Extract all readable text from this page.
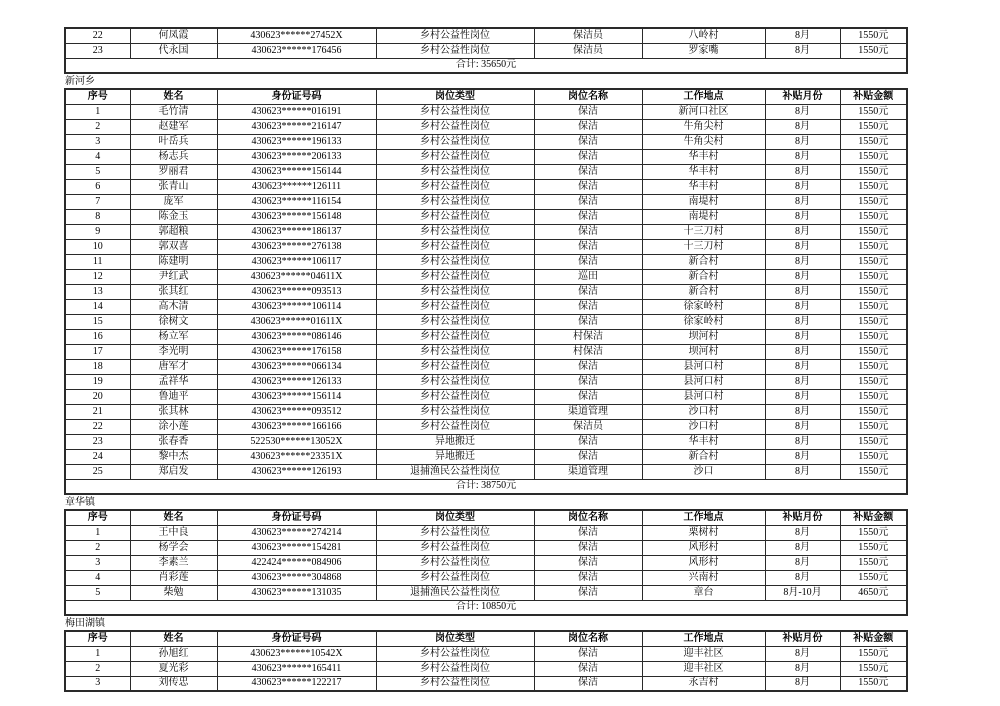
22	何凤霞	430623******27452X	乡村公益性岗位	保洁员	八岭村	8月	1550元
23	代永国	430623******176456	乡村公益性岗位	保洁员	罗家嘴	8月	1550元
合计: 35650元							
新河乡
序号	姓名	身份证号码	岗位类型	岗位名称	工作地点	补贴月份	补贴金额
1	毛竹清	430623******016191	乡村公益性岗位	保洁	新河口社区	8月	1550元
2	赵建军	430623******216147	乡村公益性岗位	保洁	牛角尖村	8月	1550元
3	叶岳兵	430623******196133	乡村公益性岗位	保洁	牛角尖村	8月	1550元
4	杨志兵	430623******206133	乡村公益性岗位	保洁	华丰村	8月	1550元
5	罗丽君	430623******156144	乡村公益性岗位	保洁	华丰村	8月	1550元
6	张青山	430623******126111	乡村公益性岗位	保洁	华丰村	8月	1550元
7	庞军	430623******116154	乡村公益性岗位	保洁	南堤村	8月	1550元
8	陈金玉	430623******156148	乡村公益性岗位	保洁	南堤村	8月	1550元
9	郭超粮	430623******186137	乡村公益性岗位	保洁	十三刀村	8月	1550元
10	郭双喜	430623******276138	乡村公益性岗位	保洁	十三刀村	8月	1550元
11	陈建明	430623******106117	乡村公益性岗位	保洁	新合村	8月	1550元
12	尹红武	430623******04611X	乡村公益性岗位	巡田	新合村	8月	1550元
13	张其红	430623******093513	乡村公益性岗位	保洁	新合村	8月	1550元
14	高木清	430623******106114	乡村公益性岗位	保洁	徐家岭村	8月	1550元
15	徐树文	430623******01611X	乡村公益性岗位	保洁	徐家岭村	8月	1550元
16	杨立军	430623******086146	乡村公益性岗位	村保洁	坝河村	8月	1550元
17	李光明	430623******176158	乡村公益性岗位	村保洁	坝河村	8月	1550元
18	唐军才	430623******066134	乡村公益性岗位	保洁	县河口村	8月	1550元
19	孟祥华	430623******126133	乡村公益性岗位	保洁	县河口村	8月	1550元
20	鲁迪平	430623******156114	乡村公益性岗位	保洁	县河口村	8月	1550元
21	张其林	430623******093512	乡村公益性岗位	渠道管理	沙口村	8月	1550元
22	涂小莲	430623******166166	乡村公益性岗位	保洁员	沙口村	8月	1550元
23	张春香	522530******13052X	异地搬迁	保洁	华丰村	8月	1550元
24	黎中杰	430623******23351X	异地搬迁	保洁	新合村	8月	1550元
25	郑启发	430623******126193	退捕渔民公益性岗位	渠道管理	沙口	8月	1550元
合计: 38750元							
章华镇
序号	姓名	身份证号码	岗位类型	岗位名称	工作地点	补贴月份	补贴金额
1	王中良	430623******274214	乡村公益性岗位	保洁	栗树村	8月	1550元
2	杨学会	430623******154281	乡村公益性岗位	保洁	风形村	8月	1550元
3	李素兰	422424******084906	乡村公益性岗位	保洁	风形村	8月	1550元
4	肖彩莲	430623******304868	乡村公益性岗位	保洁	兴南村	8月	1550元
5	柴勉	430623******131035	退捕渔民公益性岗位	保洁	章台	8月-10月	4650元
合计: 10850元							
梅田湖镇
序号	姓名	身份证号码	岗位类型	岗位名称	工作地点	补贴月份	补贴金额
1	孙旭红	430623******10542X	乡村公益性岗位	保洁	迎丰社区	8月	1550元
2	夏光彩	430623******165411	乡村公益性岗位	保洁	迎丰社区	8月	1550元
3	刘传忠	430623******122217	乡村公益性岗位	保洁	永吉村	8月	1550元
